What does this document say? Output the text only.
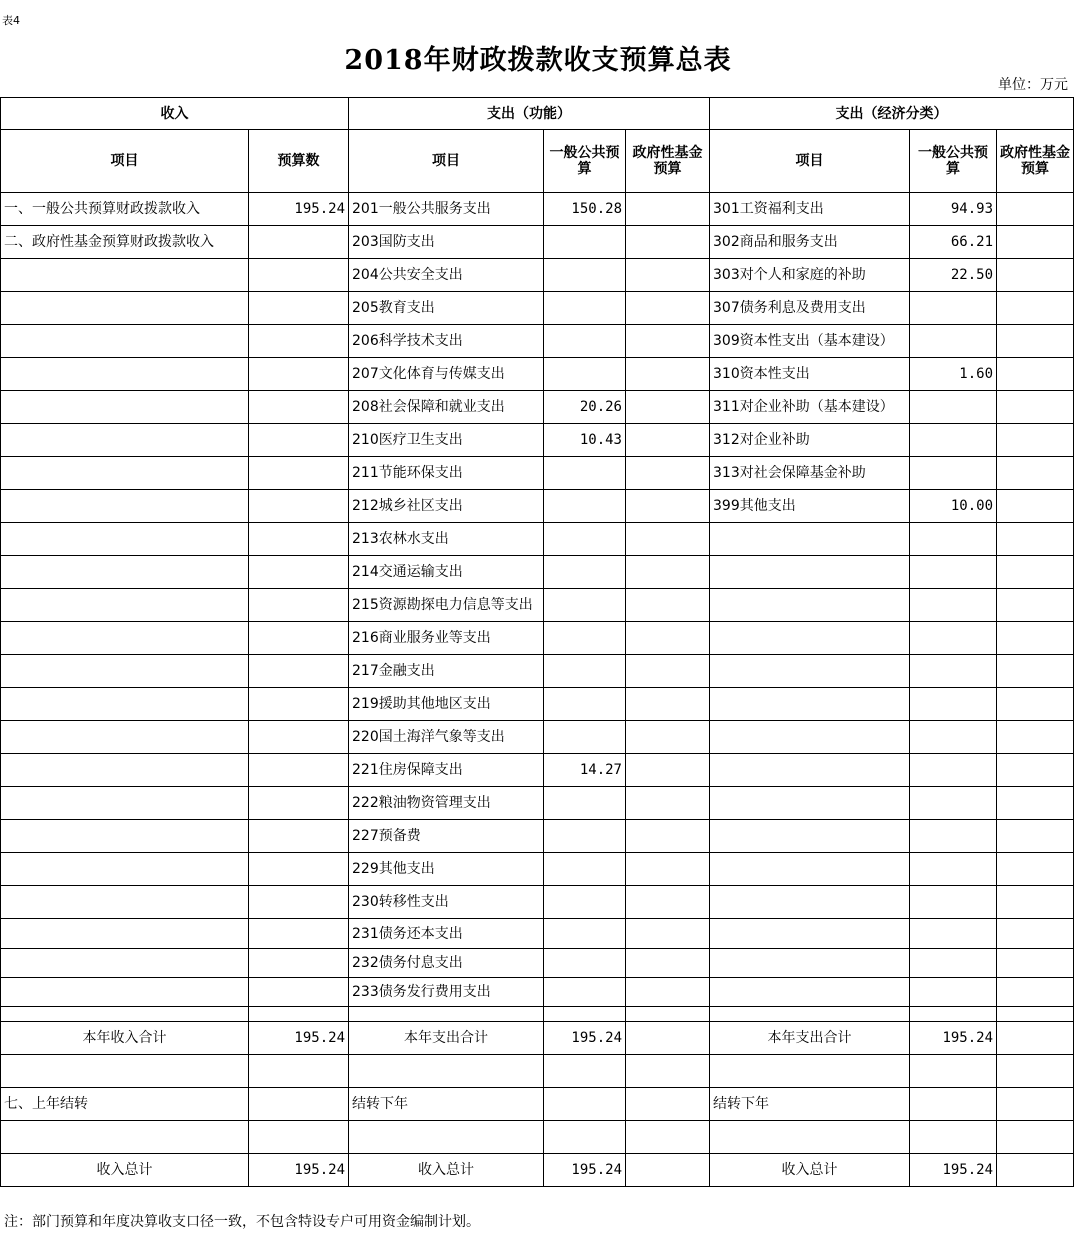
表4
2018年财政拨款收支预算总表
单位：万元
收入		支出（功能）			支出（经济分类）		
项目	预算数	项目	一般公共预算	政府性基金预算	项目	一般公共预算	政府性基金预算
一、一般公共预算财政拨款收入	195.24	201一般公共服务支出	150.28		301工资福利支出	94.93	
二、政府性基金预算财政拨款收入		203国防支出			302商品和服务支出	66.21	
		204公共安全支出			303对个人和家庭的补助	22.50	
		205教育支出			307债务利息及费用支出		
		206科学技术支出			309资本性支出（基本建设）		
		207文化体育与传媒支出			310资本性支出	1.60	
		208社会保障和就业支出	20.26		311对企业补助（基本建设）		
		210医疗卫生支出	10.43		312对企业补助		
		211节能环保支出			313对社会保障基金补助		
		212城乡社区支出			399其他支出	10.00	
		213农林水支出					
		214交通运输支出					
		215资源勘探电力信息等支出					
		216商业服务业等支出					
		217金融支出					
		219援助其他地区支出					
		220国土海洋气象等支出					
		221住房保障支出	14.27				
		222粮油物资管理支出					
		227预备费					
		229其他支出					
		230转移性支出					
		231债务还本支出					
		232债务付息支出					
		233债务发行费用支出					

本年收入合计	195.24	本年支出合计	195.24		本年支出合计	195.24	

七、上年结转		结转下年			结转下年		

收入总计	195.24	收入总计	195.24		收入总计	195.24	
注：部门预算和年度决算收支口径一致，不包含特设专户可用资金编制计划。
